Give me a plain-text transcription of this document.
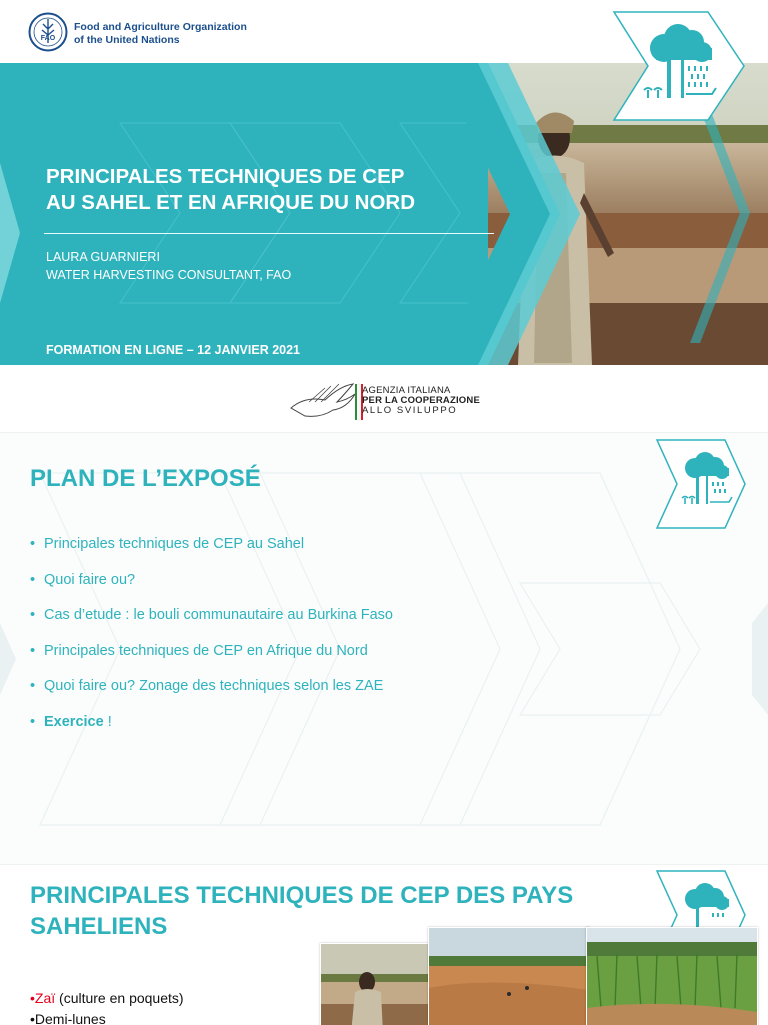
FAO
Food and Agriculture Organization
of the United Nations
PRINCIPALES TECHNIQUES DE CEP
AU SAHEL ET EN AFRIQUE DU NORD
LAURA GUARNIERI
WATER HARVESTING CONSULTANT, FAO
FORMATION EN LIGNE – 12 JANVIER 2021
AGENZIA ITALIANA
PER LA COOPERAZIONE
ALLO SVILUPPO
PLAN DE L’EXPOSÉ
• Principales techniques de CEP au Sahel
• Quoi faire ou?
• Cas d’etude : le bouli communautaire au Burkina Faso
• Principales techniques de CEP en Afrique du Nord
• Quoi faire ou? Zonage des techniques selon les ZAE
• Exercice !
PRINCIPALES TECHNIQUES DE CEP DES PAYS
SAHELIENS
•Zaï (culture en poquets)
•Demi-lunes
